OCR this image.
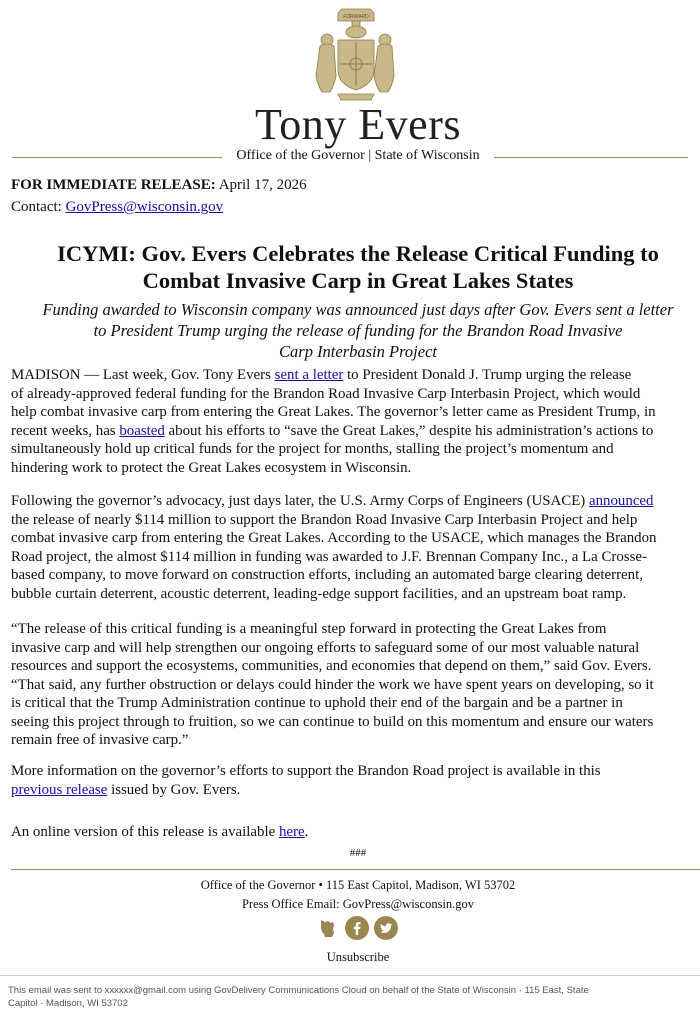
FORWARD
Tony Evers
Office of the Governor | State of Wisconsin
FOR IMMEDIATE RELEASE: April 17, 2026
Contact: GovPress@wisconsin.gov
ICYMI: Gov. Evers Celebrates the Release Critical Funding to
Combat Invasive Carp in Great Lakes States
Funding awarded to Wisconsin company was announced just days after Gov. Evers sent a letter
to President Trump urging the release of funding for the Brandon Road Invasive
Carp Interbasin Project
MADISON — Last week, Gov. Tony Evers sent a letter to President Donald J. Trump urging the release
of already-approved federal funding for the Brandon Road Invasive Carp Interbasin Project, which would
help combat invasive carp from entering the Great Lakes. The governor’s letter came as President Trump, in
recent weeks, has boasted about his efforts to “save the Great Lakes,” despite his administration’s actions to
simultaneously hold up critical funds for the project for months, stalling the project’s momentum and
hindering work to protect the Great Lakes ecosystem in Wisconsin.
Following the governor’s advocacy, just days later, the U.S. Army Corps of Engineers (USACE) announced
the release of nearly $114 million to support the Brandon Road Invasive Carp Interbasin Project and help
combat invasive carp from entering the Great Lakes. According to the USACE, which manages the Brandon
Road project, the almost $114 million in funding was awarded to J.F. Brennan Company Inc., a La Crosse-
based company, to move forward on construction efforts, including an automated barge clearing deterrent,
bubble curtain deterrent, acoustic deterrent, leading-edge support facilities, and an upstream boat ramp.
“The release of this critical funding is a meaningful step forward in protecting the Great Lakes from
invasive carp and will help strengthen our ongoing efforts to safeguard some of our most valuable natural
resources and support the ecosystems, communities, and economies that depend on them,” said Gov. Evers.
“That said, any further obstruction or delays could hinder the work we have spent years on developing, so it
is critical that the Trump Administration continue to uphold their end of the bargain and be a partner in
seeing this project through to fruition, so we can continue to build on this momentum and ensure our waters
remain free of invasive carp.”
More information on the governor’s efforts to support the Brandon Road project is available in this
previous release issued by Gov. Evers.
An online version of this release is available here.
###
Office of the Governor • 115 East Capitol, Madison, WI 53702
Press Office Email: GovPress@wisconsin.gov
Unsubscribe
This email was sent to xxxxxx@gmail.com using GovDelivery Communications Cloud on behalf of the State of Wisconsin · 115 East, State
Capitol · Madison, WI 53702
